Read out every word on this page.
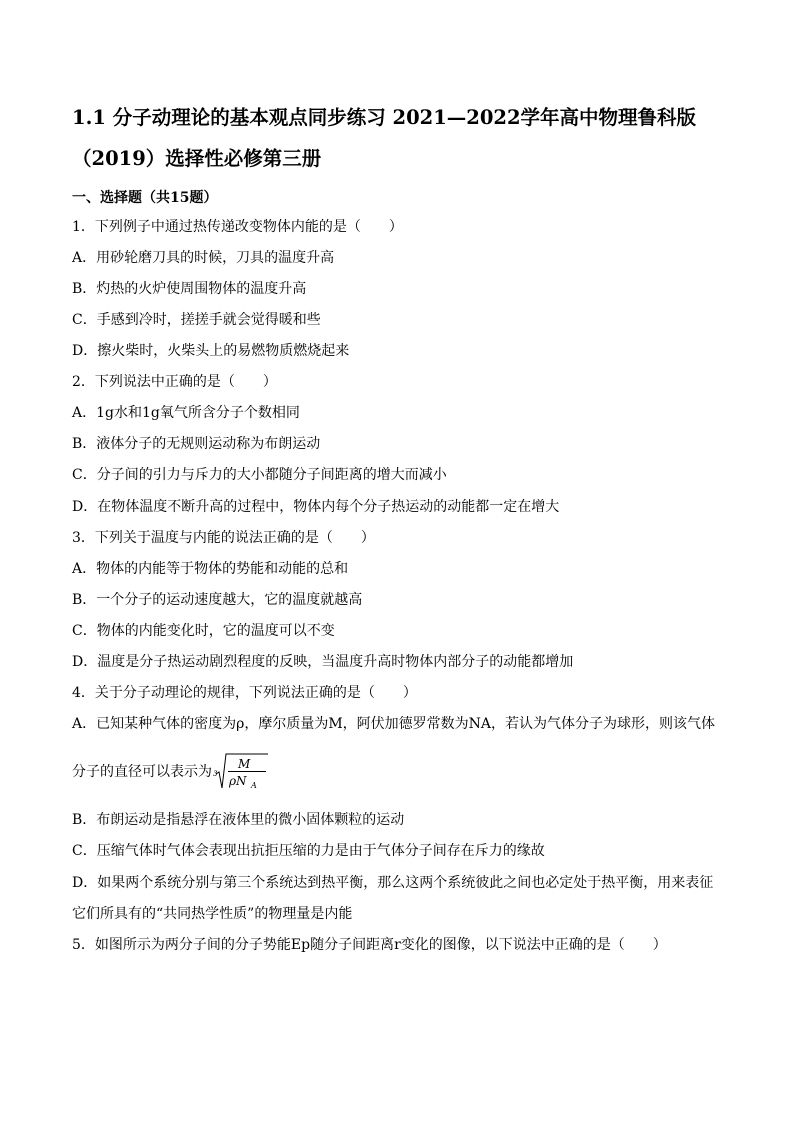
1.1 分子动理论的基本观点同步练习 2021—2022学年高中物理鲁科版
（2019）选择性必修第三册
一、选择题（共15题）
1．下列例子中通过热传递改变物体内能的是（　　）
A．用砂轮磨刀具的时候，刀具的温度升高
B．灼热的火炉使周围物体的温度升高
C．手感到冷时，搓搓手就会觉得暖和些
D．擦火柴时，火柴头上的易燃物质燃烧起来
2．下列说法中正确的是（　　）
A．1g水和1g氧气所含分子个数相同
B．液体分子的无规则运动称为布朗运动
C．分子间的引力与斥力的大小都随分子间距离的增大而减小
D．在物体温度不断升高的过程中，物体内每个分子热运动的动能都一定在增大
3．下列关于温度与内能的说法正确的是（　　）
A．物体的内能等于物体的势能和动能的总和
B．一个分子的运动速度越大，它的温度就越高
C．物体的内能变化时，它的温度可以不变
D．温度是分子热运动剧烈程度的反映，当温度升高时物体内部分子的动能都增加
4．关于分子动理论的规律，下列说法正确的是（　　）
A．已知某种气体的密度为ρ，摩尔质量为M，阿伏加德罗常数为NA，若认为气体分子为球形，则该气体
分子的直径可以表示为 3
M
ρN A
B．布朗运动是指悬浮在液体里的微小固体颗粒的运动
C．压缩气体时气体会表现出抗拒压缩的力是由于气体分子间存在斥力的缘故
D．如果两个系统分别与第三个系统达到热平衡，那么这两个系统彼此之间也必定处于热平衡，用来表征
它们所具有的“共同热学性质”的物理量是内能
5．如图所示为两分子间的分子势能Ep随分子间距离r变化的图像，以下说法中正确的是（　　）
